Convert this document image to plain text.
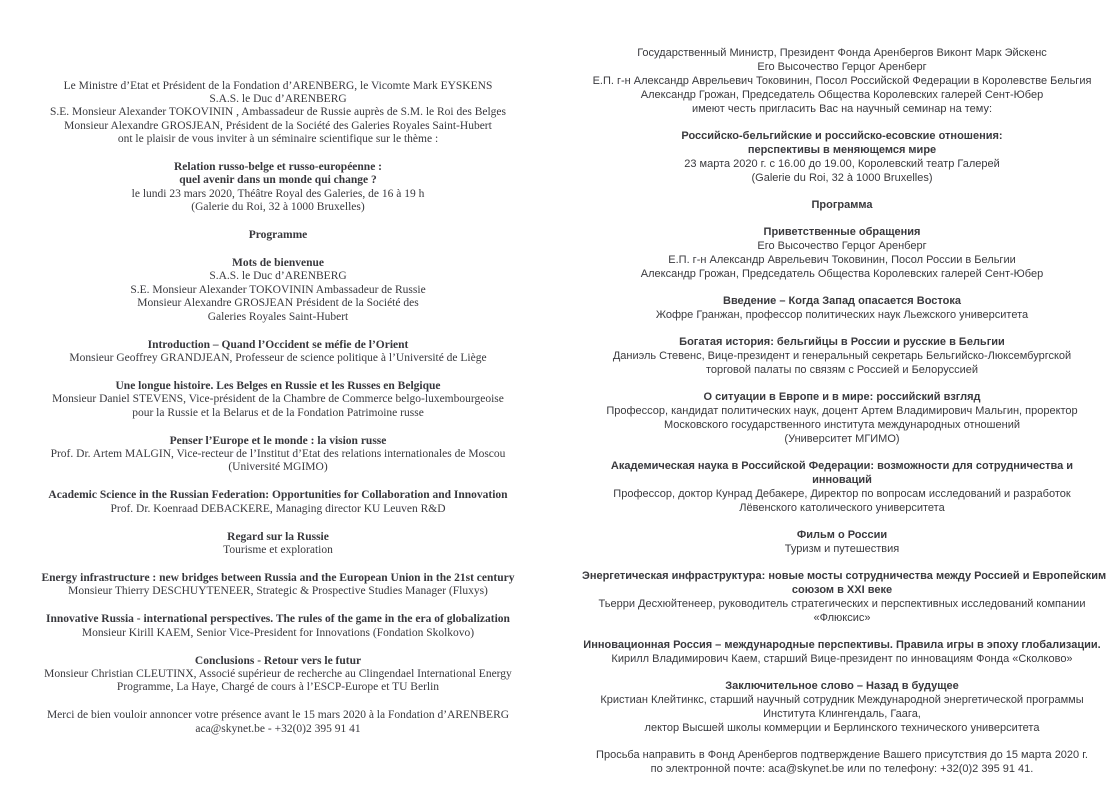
Le Ministre d’Etat et Président de la Fondation d’ARENBERG, le Vicomte Mark EYSKENS
S.A.S. le Duc d’ARENBERG
S.E. Monsieur Alexander TOKOVININ , Ambassadeur de Russie auprès de S.M. le Roi des Belges
Monsieur Alexandre GROSJEAN, Président de la Société des Galeries Royales Saint-Hubert
ont le plaisir de vous inviter à un séminaire scientifique sur le thème :
Relation russo-belge et russo-européenne :
quel avenir dans un monde qui change ?
le lundi 23 mars 2020, Théâtre Royal des Galeries, de 16 à 19 h
(Galerie du Roi, 32 à 1000 Bruxelles)
Programme
Mots de bienvenue
S.A.S. le Duc d’ARENBERG
S.E. Monsieur Alexander TOKOVININ Ambassadeur de Russie
Monsieur Alexandre GROSJEAN Président de la Société des
Galeries Royales Saint-Hubert
Introduction – Quand l’Occident se méfie de l’Orient
Monsieur Geoffrey GRANDJEAN, Professeur de science politique à l’Université de Liège
Une longue histoire. Les Belges en Russie et les Russes en Belgique
Monsieur Daniel STEVENS, Vice-président de la Chambre de Commerce belgo-luxembourgeoise
pour la Russie et la Belarus et de la Fondation Patrimoine russe
Penser l’Europe et le monde : la vision russe
Prof. Dr. Artem MALGIN, Vice-recteur de l’Institut d’Etat des relations internationales de Moscou
(Université MGIMO)
Academic Science in the Russian Federation: Opportunities for Collaboration and Innovation
Prof. Dr. Koenraad DEBACKERE, Managing director KU Leuven R&D
Regard sur la Russie
Tourisme et exploration
Energy infrastructure : new bridges between Russia and the European Union in the 21st century
Monsieur Thierry DESCHUYTENEER, Strategic & Prospective Studies Manager (Fluxys)
Innovative Russia - international perspectives. The rules of the game in the era of globalization
Monsieur Kirill KAEM, Senior Vice-President for Innovations (Fondation Skolkovo)
Conclusions - Retour vers le futur
Monsieur Christian CLEUTINX, Associé supérieur de recherche au Clingendael International Energy
Programme, La Haye, Chargé de cours à l’ESCP-Europe et TU Berlin
Merci de bien vouloir annoncer votre présence avant le 15 mars 2020 à la Fondation d’ARENBERG
aca@skynet.be - +32(0)2 395 91 41
Государственный Министр, Президент Фонда Аренбергов Виконт Марк Эйскенс
Его Высочество Герцог Аренберг
Е.П. г-н Александр Аврельевич Токовинин, Посол Российской Федерации в Королевстве Бельгия
Александр Грожан, Председатель Общества Королевских галерей Сент-Юбер
имеют честь пригласить Вас на научный семинар на тему:
Российско-бельгийские и российско-есовские отношения:
перспективы в меняющемся мире
23 марта 2020 г. с 16.00 до 19.00, Королевский театр Галерей
(Galerie du Roi, 32 à 1000 Bruxelles)
Программа
Приветственные обращения
Его Высочество Герцог Аренберг
Е.П. г-н Александр Аврельевич Токовинин, Посол России в Бельгии
Александр Грожан, Председатель Общества Королевских галерей Сент-Юбер
Введение – Когда Запад опасается Востока
Жофре Гранжан, профессор политических наук Льежского университета
Богатая история: бельгийцы в России и русские в Бельгии
Даниэль Стевенс, Вице-президент и генеральный секретарь Бельгийско-Люксембургской
торговой палаты по связям с Россией и Белоруссией
О ситуации в Европе и в мире: российский взгляд
Профессор, кандидат политических наук, доцент Артем Владимирович Мальгин, проректор
Московского государственного института международных отношений
(Университет МГИМО)
Академическая наука в Российской Федерации: возможности для сотрудничества и
инноваций
Профессор, доктор Кунрад Дебакере, Директор по вопросам исследований и разработок
Лёвенского католического университета
Фильм о России
Туризм и путешествия
Энергетическая инфраструктура: новые мосты сотрудничества между Россией и Европейским
союзом в XXI веке
Тьерри Десхюйтенеер, руководитель стратегических и перспективных исследований компании
«Флюксис»
Инновационная Россия – международные перспективы. Правила игры в эпоху глобализации.
Кирилл Владимирович Каем, старший Вице-президент по инновациям Фонда «Сколково»
Заключительное слово – Назад в будущее
Кристиан Клейтинкс, старший научный сотрудник Международной энергетической программы
Института Клингендаль, Гаага,
лектор Высшей школы коммерции и Берлинского технического университета
Просьба направить в Фонд Аренбергов подтверждение Вашего присутствия до 15 марта 2020 г.
по электронной почте: aca@skynet.be или по телефону: +32(0)2 395 91 41.
